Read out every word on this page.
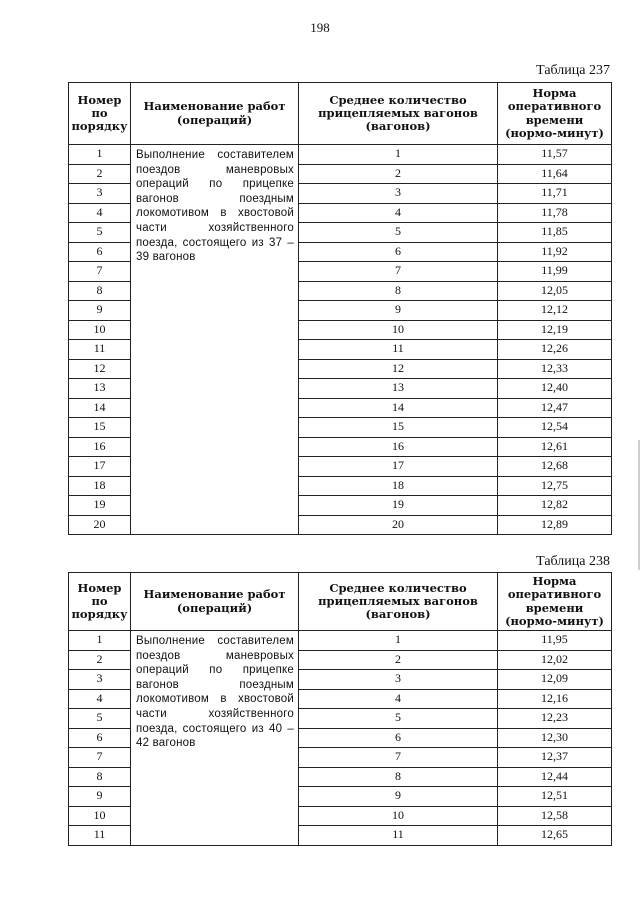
198
Таблица 237
Номер по порядку	Наименование работ (операций)	Среднее количество прицепляемых вагонов (вагонов)	Норма оперативного времени (нормо-минут)
1	Выполнение составителем поездов маневровых операций по прицепке вагонов поездным локомотивом в хвостовой части хозяйственного поезда, состоящего из 37 – 39 вагонов	1	11,57
2		2	11,64
3		3	11,71
4		4	11,78
5		5	11,85
6		6	11,92
7		7	11,99
8		8	12,05
9		9	12,12
10		10	12,19
11		11	12,26
12		12	12,33
13		13	12,40
14		14	12,47
15		15	12,54
16		16	12,61
17		17	12,68
18		18	12,75
19		19	12,82
20		20	12,89
Таблица 238
Номер по порядку	Наименование работ (операций)	Среднее количество прицепляемых вагонов (вагонов)	Норма оперативного времени (нормо-минут)
1	Выполнение составителем поездов маневровых операций по прицепке вагонов поездным локомотивом в хвостовой части хозяйственного поезда, состоящего из 40 – 42 вагонов	1	11,95
2		2	12,02
3		3	12,09
4		4	12,16
5		5	12,23
6		6	12,30
7		7	12,37
8		8	12,44
9		9	12,51
10		10	12,58
11		11	12,65
